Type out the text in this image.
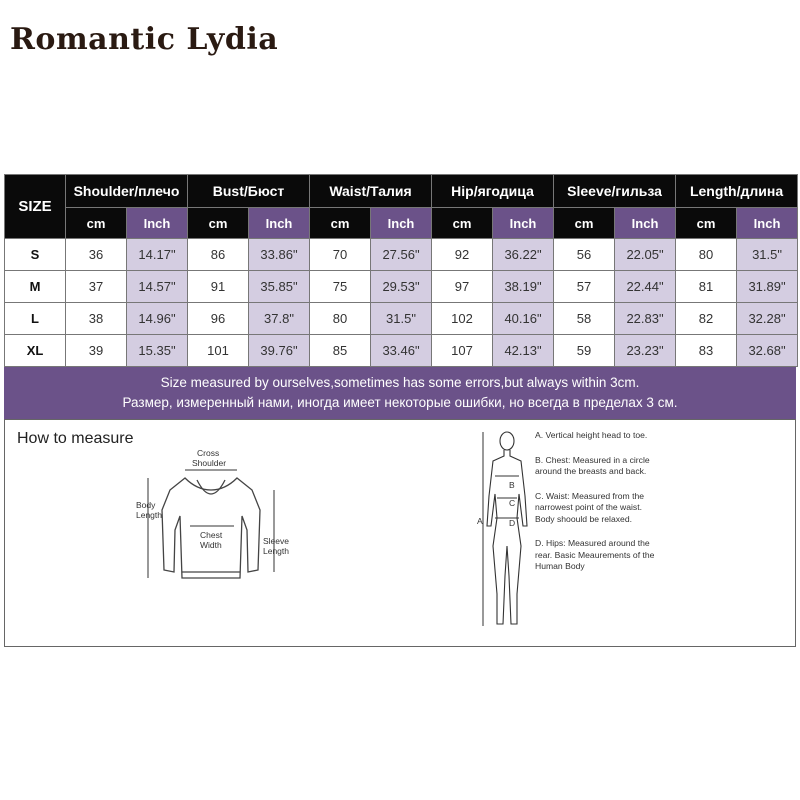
Romantic Lydia
SIZE	Shoulder/плечо		Bust/Бюст		Waist/Талия		Hip/ягодица		Sleeve/гильза		Length/длина	
	cm	Inch	cm	Inch	cm	Inch	cm	Inch	cm	Inch	cm	Inch
S	36	14.17"	86	33.86"	70	27.56"	92	36.22"	56	22.05"	80	31.5"
M	37	14.57"	91	35.85"	75	29.53"	97	38.19"	57	22.44"	81	31.89"
L	38	14.96"	96	37.8"	80	31.5"	102	40.16"	58	22.83"	82	32.28"
XL	39	15.35"	101	39.76"	85	33.46"	107	42.13"	59	23.23"	83	32.68"
Size measured by ourselves,sometimes has some errors,but always within 3cm.
Размер, измеренный нами, иногда имеет некоторые ошибки, но всегда в пределах 3 см.
How to measure
Cross
Shoulder
Body
Length
Chest
Width	Sleeve
Length
A
B
C
D

A. Vertical height head to toe.

B. Chest: Measured in a circle around the breasts and back.

C. Waist: Measured from the narrowest point of the waist. Body shoould be relaxed.

D. Hips: Measured around the rear. Basic Meaurements of the Human Body
